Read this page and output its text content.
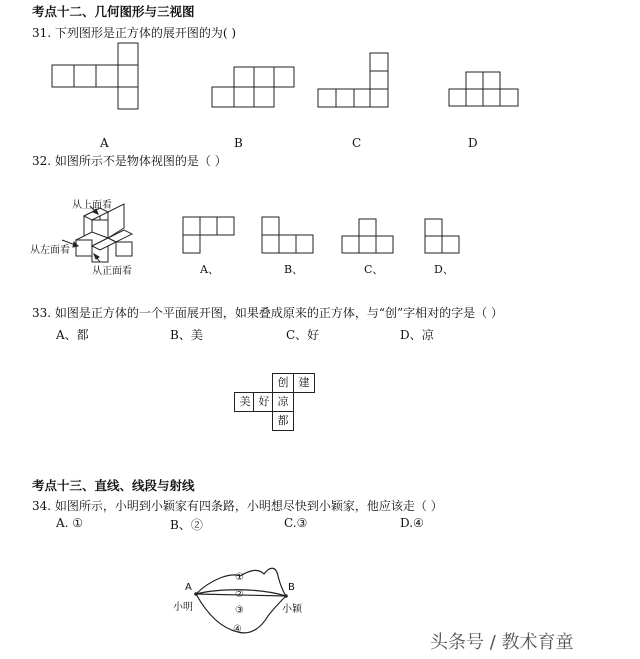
考点十二、几何图形与三视图
31. 下列图形是正方体的展开图的为( )
A	B	C	D
32. 如图所示不是物体视图的是（ ）
从上面看
从左面看
从正面看	A、	B、	C、	D、
33. 如图是正方体的一个平面展开图，如果叠成原来的正方体，与“创”字相对的字是（ ）
A、都	B、美	C、好	D、凉
创 建
美 好 凉
都
考点十三、直线、线段与射线
34. 如图所示，小明到小颖家有四条路，小明想尽快到小颖家，他应该走（ ）
A. ①	B、②	C.③	D.④
A	B
小明	小颖
①
②
③
④
头条号 / 教术育童
